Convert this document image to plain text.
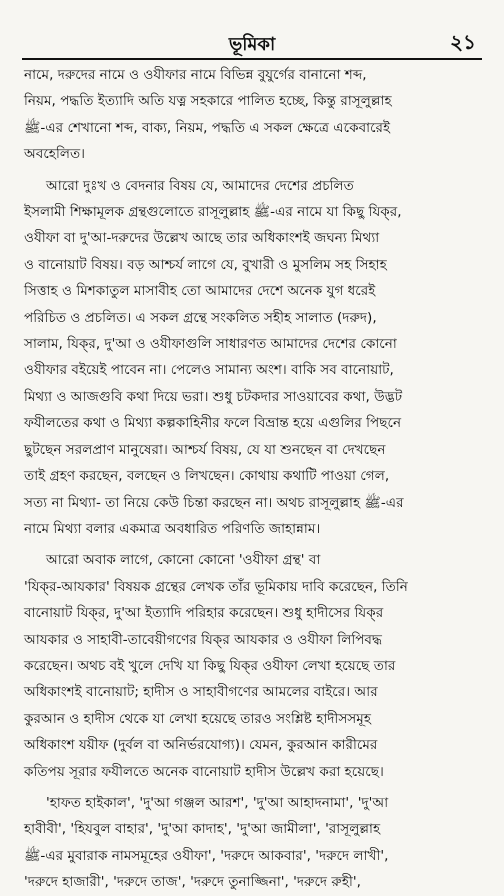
ভূমিকা	২১

নামে, দরুদের নামে ও ওযীফার নামে বিভিন্ন বুযুর্গের বানানো শব্দ,
নিয়ম, পদ্ধতি ইত্যাদি অতি যত্ন সহকারে পালিত হচ্ছে, কিন্তু রাসূলুল্লাহ
ﷺ-এর শেখানো শব্দ, বাক্য, নিয়ম, পদ্ধতি এ সকল ক্ষেত্রে একেবারেই
অবহেলিত।

আরো দুঃখ ও বেদনার বিষয় যে, আমাদের দেশের প্রচলিত
ইসলামী শিক্ষামূলক গ্রন্থগুলোতে রাসূলুল্লাহ ﷺ-এর নামে যা কিছু যিক্‌র,
ওযীফা বা দু'আ-দরুদের উল্লেখ আছে তার অধিকাংশই জঘন্য মিথ্যা
ও বানোয়াট বিষয়। বড় আশ্চর্য লাগে যে, বুখারী ও মুসলিম সহ সিহাহ
সিত্তাহ ও মিশকাতুল মাসাবীহ তো আমাদের দেশে অনেক যুগ ধরেই
পরিচিত ও প্রচলিত। এ সকল গ্রন্থে সংকলিত সহীহ সালাত (দরুদ),
সালাম, যিক্‌র, দু'আ ও ওযীফাগুলি সাধারণত আমাদের দেশের কোনো
ওযীফার বইয়েই পাবেন না। পেলেও সামান্য অংশ। বাকি সব বানোয়াট,
মিথ্যা ও আজগুবি কথা দিয়ে ভরা। শুধু চটকদার সাওয়াবের কথা, উদ্ভট
ফযীলতের কথা ও মিথ্যা কল্পকাহিনীর ফলে বিভ্রান্ত হয়ে এগুলির পিছনে
ছুটছেন সরলপ্রাণ মানুষেরা। আশ্চর্য বিষয়, যে যা শুনছেন বা দেখছেন
তাই গ্রহণ করছেন, বলছেন ও লিখছেন। কোথায় কথাটি পাওয়া গেল,
সত্য না মিথ্যা- তা নিয়ে কেউ চিন্তা করছেন না। অথচ রাসূলুল্লাহ ﷺ-এর
নামে মিথ্যা বলার একমাত্র অবধারিত পরিণতি জাহান্নাম।

আরো অবাক লাগে, কোনো কোনো 'ওযীফা গ্রন্থ' বা
'যিক্‌র-আযকার' বিষয়ক গ্রন্থের লেখক তাঁর ভূমিকায় দাবি করেছেন, তিনি
বানোয়াট যিক্‌র, দু'আ ইত্যাদি পরিহার করেছেন। শুধু হাদীসের যিক্‌র
আযকার ও সাহাবী-তাবেয়ীগণের যিক্‌র আযকার ও ওযীফা লিপিবদ্ধ
করেছেন। অথচ বই খুলে দেখি যা কিছু যিক্‌র ওযীফা লেখা হয়েছে তার
অধিকাংশই বানোয়াট; হাদীস ও সাহাবীগণের আমলের বাইরে। আর
কুরআন ও হাদীস থেকে যা লেখা হয়েছে তারও সংশ্লিষ্ট হাদীসসমূহ
অধিকাংশ যয়ীফ (দুর্বল বা অনির্ভরযোগ্য)। যেমন, কুরআন কারীমের
কতিপয় সূরার ফযীলতে অনেক বানোয়াট হাদীস উল্লেখ করা হয়েছে।

'হাফত হাইকাল', 'দু'আ গঞ্জল আরশ', 'দু'আ আহাদনামা', 'দু'আ
হাবীবী', 'হিযবুল বাহার', 'দু'আ কাদাহ', 'দু'আ জামীলা', 'রাসূলুল্লাহ
ﷺ-এর মুবারাক নামসমূহের ওযীফা', 'দরুদে আকবার', 'দরুদে লাখী',
'দরুদে হাজারী', 'দরুদে তাজ', 'দরুদে তুনাজ্জিনা', 'দরুদে রুহী',
